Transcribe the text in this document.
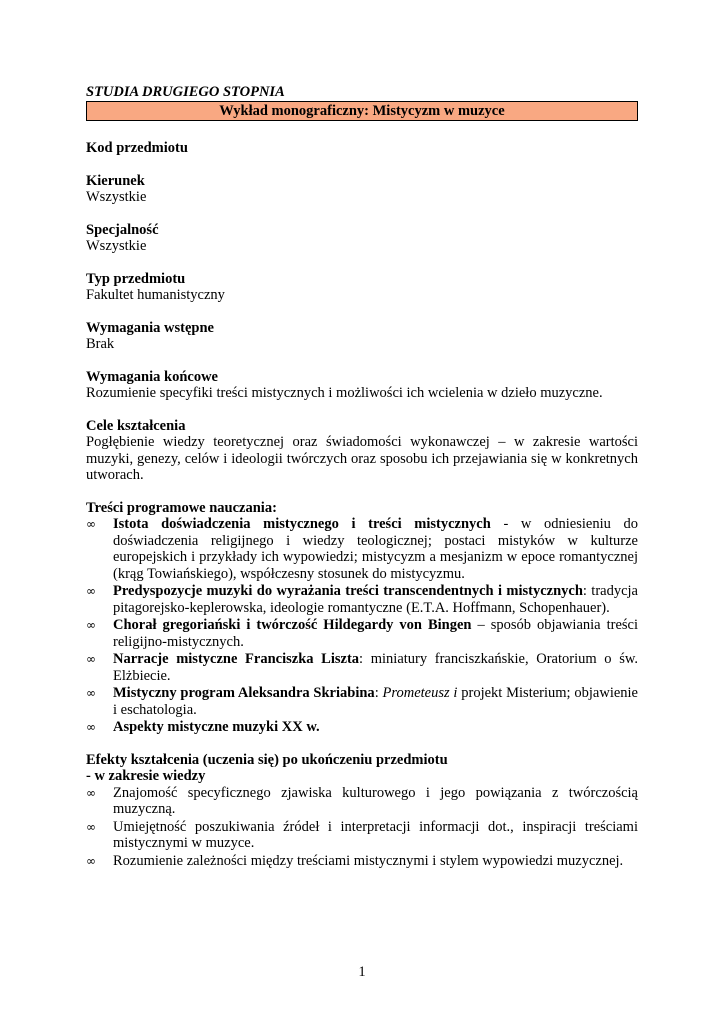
STUDIA DRUGIEGO STOPNIA

Wykład monograficzny: Mistycyzm w muzyce

Kod przedmiotu

Kierunek

Wszystkie

Specjalność

Wszystkie

Typ przedmiotu

Fakultet humanistyczny

Wymagania wstępne

Brak

Wymagania końcowe

Rozumienie specyfiki treści mistycznych i możliwości ich wcielenia w dzieło muzyczne.

Cele kształcenia

Pogłębienie wiedzy teoretycznej oraz świadomości wykonawczej – w zakresie wartości muzyki, genezy, celów i ideologii twórczych oraz sposobu ich przejawiania się w konkretnych utworach.

Treści programowe nauczania:

∞ Istota doświadczenia mistycznego i treści mistycznych - w odniesieniu do doświadczenia religijnego i wiedzy teologicznej; postaci mistyków w kulturze europejskich i przykłady ich wypowiedzi; mistycyzm a mesjanizm w epoce romantycznej (krąg Towiańskiego), współczesny stosunek do mistycyzmu.
∞ Predyspozycje muzyki do wyrażania treści transcendentnych i mistycznych: tradycja pitagorejsko-keplerowska, ideologie romantyczne (E.T.A. Hoffmann, Schopenhauer).
∞ Chorał gregoriański i twórczość Hildegardy von Bingen – sposób objawiania treści religijno-mistycznych.
∞ Narracje mistyczne Franciszka Liszta: miniatury franciszkańskie, Oratorium o św. Elżbiecie.
∞ Mistyczny program Aleksandra Skriabina: Prometeusz i projekt Misterium; objawienie i eschatologia.
∞ Aspekty mistyczne muzyki XX w.

Efekty kształcenia (uczenia się) po ukończeniu przedmiotu

- w zakresie wiedzy

∞ Znajomość specyficznego zjawiska kulturowego i jego powiązania z twórczością muzyczną.
∞ Umiejętność poszukiwania źródeł i interpretacji informacji dot., inspiracji treściami mistycznymi w muzyce.
∞ Rozumienie zależności między treściami mistycznymi i stylem wypowiedzi muzycznej.
1
